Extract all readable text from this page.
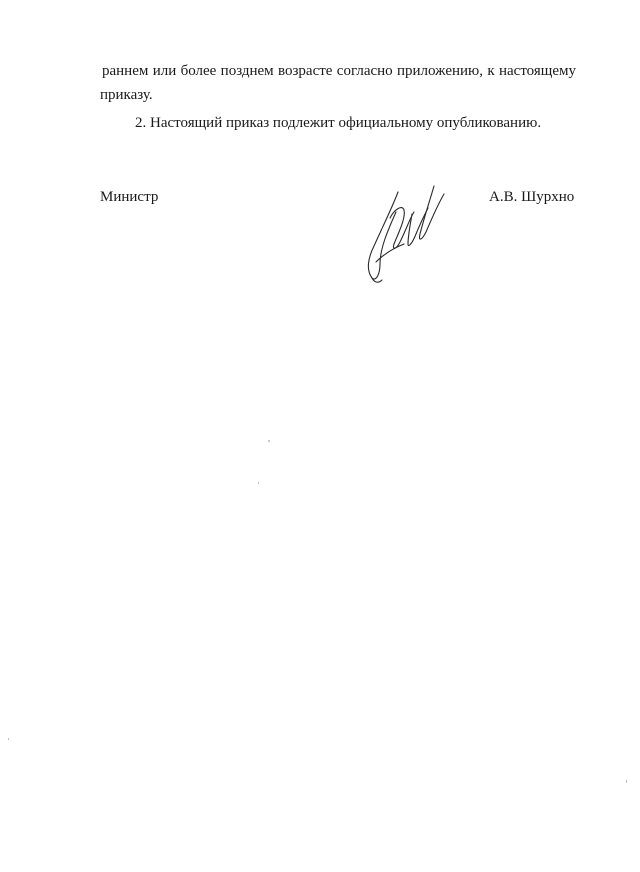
раннем или более позднем возрасте согласно приложению, к настоящему
приказу.
2. Настоящий приказ подлежит официальному опубликованию.
Министр	А.В. Шурхно
